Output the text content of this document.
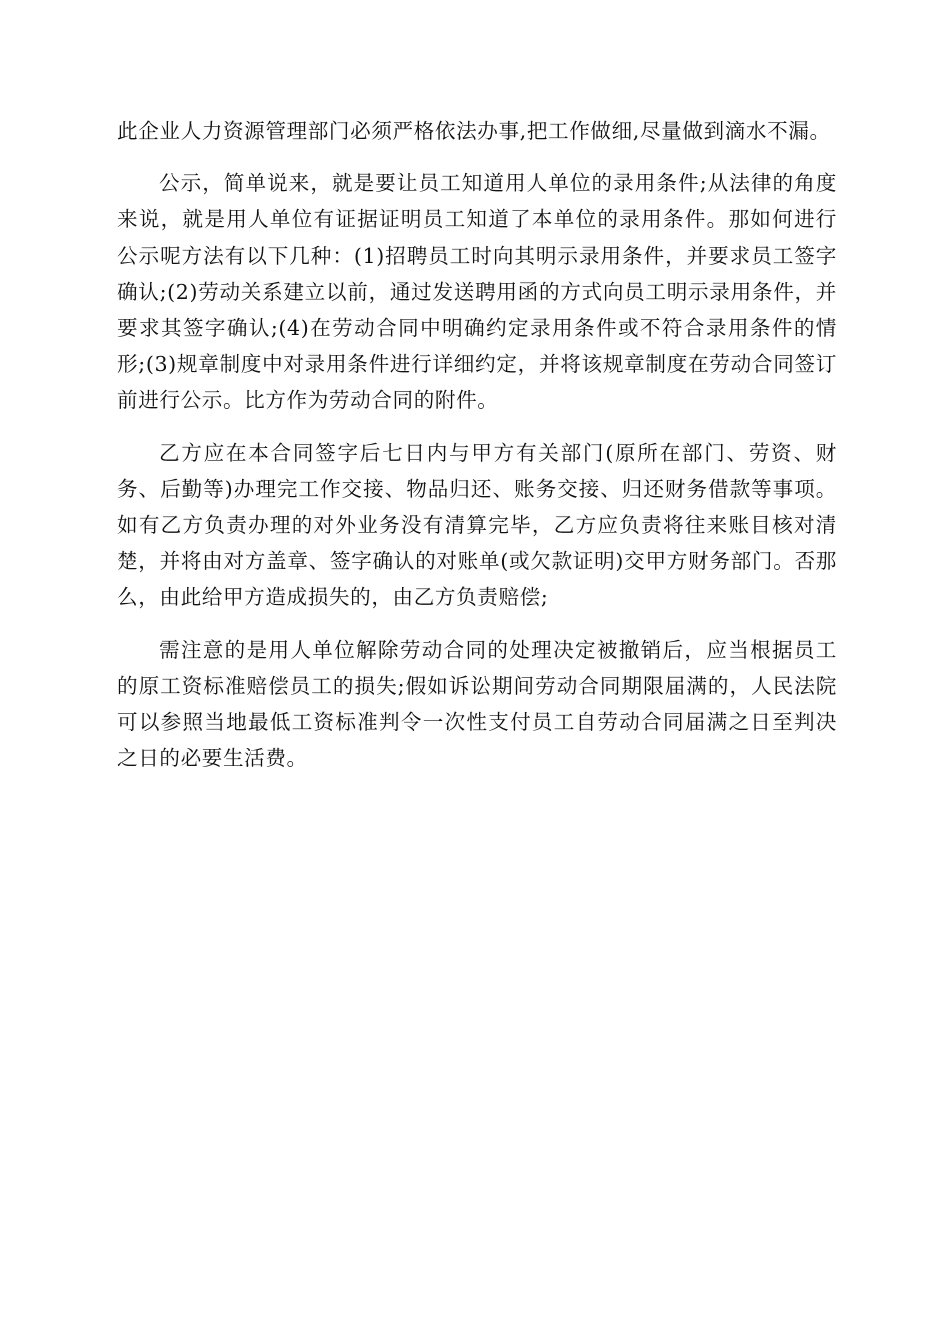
此企业人力资源管理部门必须严格依法办事,把工作做细,尽量做到滴水不漏。

公示，简单说来，就是要让员工知道用人单位的录用条件;从法律的角度来说，就是用人单位有证据证明员工知道了本单位的录用条件。那如何进行公示呢方法有以下几种：(1)招聘员工时向其明示录用条件，并要求员工签字确认;(2)劳动关系建立以前，通过发送聘用函的方式向员工明示录用条件，并要求其签字确认;(4)在劳动合同中明确约定录用条件或不符合录用条件的情形;(3)规章制度中对录用条件进行详细约定，并将该规章制度在劳动合同签订前进行公示。比方作为劳动合同的附件。

乙方应在本合同签字后七日内与甲方有关部门(原所在部门、劳资、财务、后勤等)办理完工作交接、物品归还、账务交接、归还财务借款等事项。如有乙方负责办理的对外业务没有清算完毕，乙方应负责将往来账目核对清楚，并将由对方盖章、签字确认的对账单(或欠款证明)交甲方财务部门。否那么，由此给甲方造成损失的，由乙方负责赔偿;

需注意的是用人单位解除劳动合同的处理决定被撤销后，应当根据员工的原工资标准赔偿员工的损失;假如诉讼期间劳动合同期限届满的，人民法院可以参照当地最低工资标准判令一次性支付员工自劳动合同届满之日至判决之日的必要生活费。
